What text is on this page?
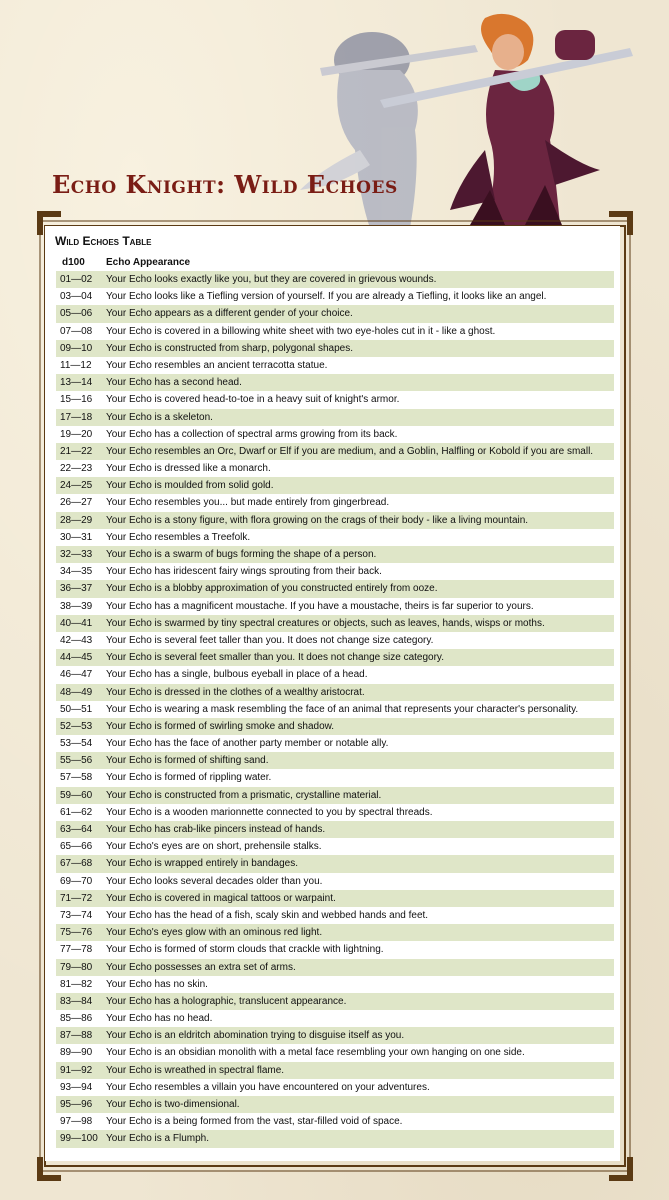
Echo Knight: Wild Echoes
Wild Echoes Table
d100 Echo Appearance
01—02 Your Echo looks exactly like you, but they are covered in grievous wounds.
03—04 Your Echo looks like a Tiefling version of yourself. If you are already a Tiefling, it looks like an angel.
05—06 Your Echo appears as a different gender of your choice.
07—08 Your Echo is covered in a billowing white sheet with two eye-holes cut in it - like a ghost.
09—10 Your Echo is constructed from sharp, polygonal shapes.
11—12 Your Echo resembles an ancient terracotta statue.
13—14 Your Echo has a second head.
15—16 Your Echo is covered head-to-toe in a heavy suit of knight's armor.
17—18 Your Echo is a skeleton.
19—20 Your Echo has a collection of spectral arms growing from its back.
21—22 Your Echo resembles an Orc, Dwarf or Elf if you are medium, and a Goblin, Halfling or Kobold if you are small.
22—23 Your Echo is dressed like a monarch.
24—25 Your Echo is moulded from solid gold.
26—27 Your Echo resembles you... but made entirely from gingerbread.
28—29 Your Echo is a stony figure, with flora growing on the crags of their body - like a living mountain.
30—31 Your Echo resembles a Treefolk.
32—33 Your Echo is a swarm of bugs forming the shape of a person.
34—35 Your Echo has iridescent fairy wings sprouting from their back.
36—37 Your Echo is a blobby approximation of you constructed entirely from ooze.
38—39 Your Echo has a magnificent moustache. If you have a moustache, theirs is far superior to yours.
40—41 Your Echo is swarmed by tiny spectral creatures or objects, such as leaves, hands, wisps or moths.
42—43 Your Echo is several feet taller than you. It does not change size category.
44—45 Your Echo is several feet smaller than you. It does not change size category.
46—47 Your Echo has a single, bulbous eyeball in place of a head.
48—49 Your Echo is dressed in the clothes of a wealthy aristocrat.
50—51 Your Echo is wearing a mask resembling the face of an animal that represents your character's personality.
52—53 Your Echo is formed of swirling smoke and shadow.
53—54 Your Echo has the face of another party member or notable ally.
55—56 Your Echo is formed of shifting sand.
57—58 Your Echo is formed of rippling water.
59—60 Your Echo is constructed from a prismatic, crystalline material.
61—62 Your Echo is a wooden marionnette connected to you by spectral threads.
63—64 Your Echo has crab-like pincers instead of hands.
65—66 Your Echo's eyes are on short, prehensile stalks.
67—68 Your Echo is wrapped entirely in bandages.
69—70 Your Echo looks several decades older than you.
71—72 Your Echo is covered in magical tattoos or warpaint.
73—74 Your Echo has the head of a fish, scaly skin and webbed hands and feet.
75—76 Your Echo's eyes glow with an ominous red light.
77—78 Your Echo is formed of storm clouds that crackle with lightning.
79—80 Your Echo possesses an extra set of arms.
81—82 Your Echo has no skin.
83—84 Your Echo has a holographic, translucent appearance.
85—86 Your Echo has no head.
87—88 Your Echo is an eldritch abomination trying to disguise itself as you.
89—90 Your Echo is an obsidian monolith with a metal face resembling your own hanging on one side.
91—92 Your Echo is wreathed in spectral flame.
93—94 Your Echo resembles a villain you have encountered on your adventures.
95—96 Your Echo is two-dimensional.
97—98 Your Echo is a being formed from the vast, star-filled void of space.
99—100 Your Echo is a Flumph.
